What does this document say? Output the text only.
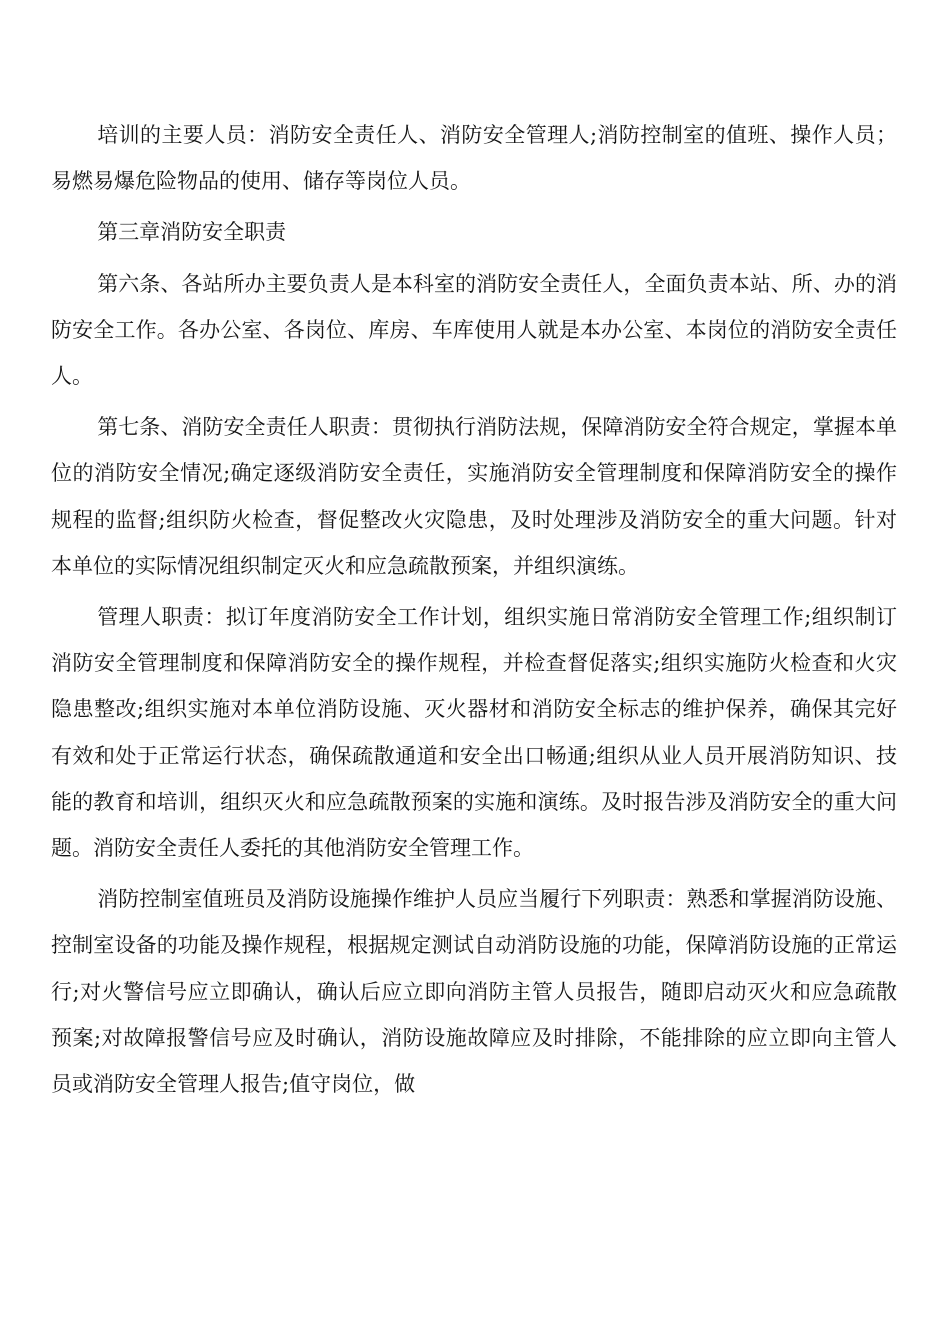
培训的主要人员：消防安全责任人、消防安全管理人;消防控制室的值班、操作人员；易燃易爆危险物品的使用、储存等岗位人员。

第三章消防安全职责

第六条、各站所办主要负责人是本科室的消防安全责任人，全面负责本站、所、办的消防安全工作。各办公室、各岗位、库房、车库使用人就是本办公室、本岗位的消防安全责任人。

第七条、消防安全责任人职责：贯彻执行消防法规，保障消防安全符合规定，掌握本单位的消防安全情况;确定逐级消防安全责任，实施消防安全管理制度和保障消防安全的操作规程的监督;组织防火检查，督促整改火灾隐患，及时处理涉及消防安全的重大问题。针对本单位的实际情况组织制定灭火和应急疏散预案，并组织演练。

管理人职责：拟订年度消防安全工作计划，组织实施日常消防安全管理工作;组织制订消防安全管理制度和保障消防安全的操作规程，并检查督促落实;组织实施防火检查和火灾隐患整改;组织实施对本单位消防设施、灭火器材和消防安全标志的维护保养，确保其完好有效和处于正常运行状态，确保疏散通道和安全出口畅通;组织从业人员开展消防知识、技能的教育和培训，组织灭火和应急疏散预案的实施和演练。及时报告涉及消防安全的重大问题。消防安全责任人委托的其他消防安全管理工作。

消防控制室值班员及消防设施操作维护人员应当履行下列职责：熟悉和掌握消防设施、控制室设备的功能及操作规程，根据规定测试自动消防设施的功能，保障消防设施的正常运行;对火警信号应立即确认，确认后应立即向消防主管人员报告，随即启动灭火和应急疏散预案;对故障报警信号应及时确认，消防设施故障应及时排除，不能排除的应立即向主管人员或消防安全管理人报告;值守岗位，做
